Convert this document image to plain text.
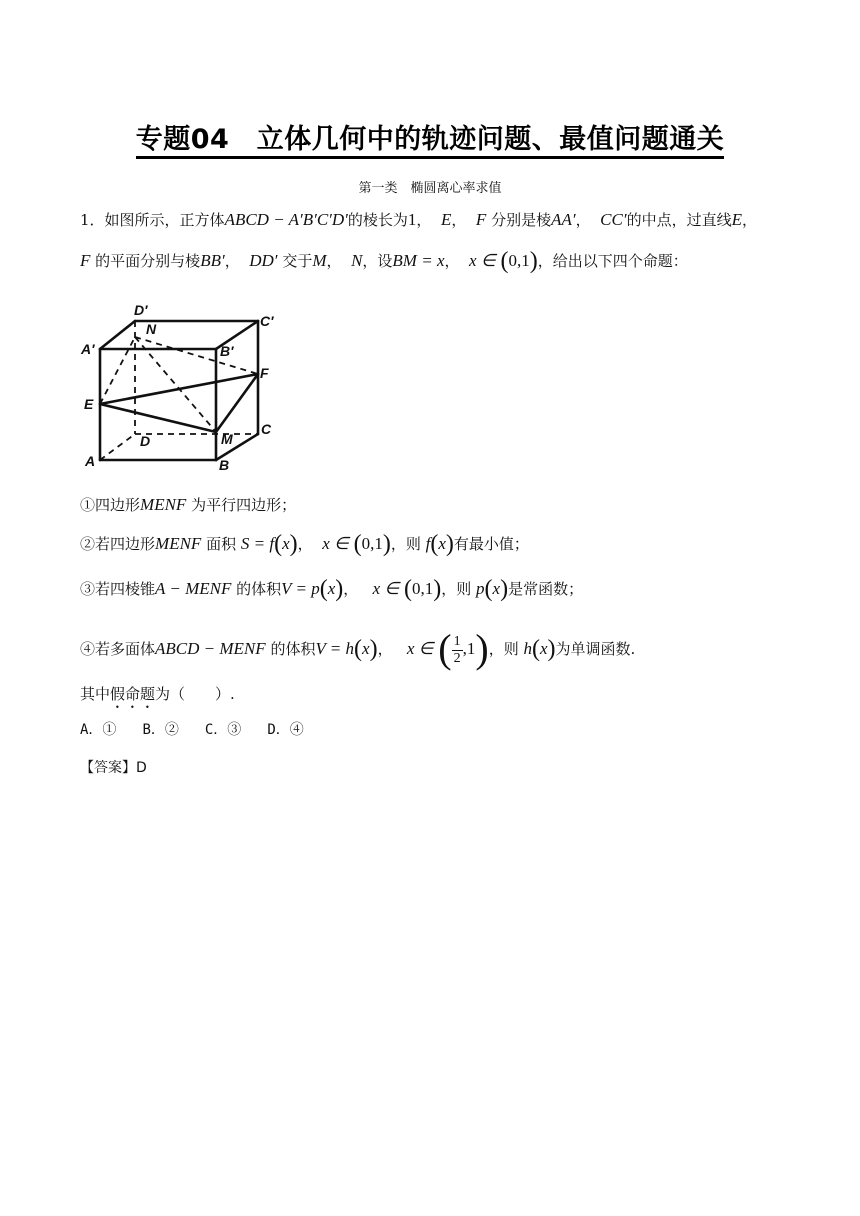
专题04　立体几何中的轨迹问题、最值问题通关
第一类　椭圆离心率求值
1．如图所示，正方体ABCD − A′B′C′D′的棱长为1， E， F 分别是棱AA′， CC′的中点，过直线E，
F 的平面分别与棱BB′， DD′ 交于M， N，设BM = x， x ∈ (0,1)，给出以下四个命题：
D′
C′
N
A′	B′
F
E
D
C
M
A	B
①四边形MENF 为平行四边形；
②若四边形MENF 面积 S = f(x)， x ∈ (0,1)，则 f(x)有最小值；
③若四棱锥A − MENF 的体积V = p(x)， x ∈ (0,1)，则 p(x)是常函数；
④若多面体ABCD − MENF 的体积V = h(x)， x ∈ ( $\frac{1}{2} ,1$)，则 h(x)为单调函数.
其中假命题为（　　）.
A．① B．② C．③ D．④
【答案】D
